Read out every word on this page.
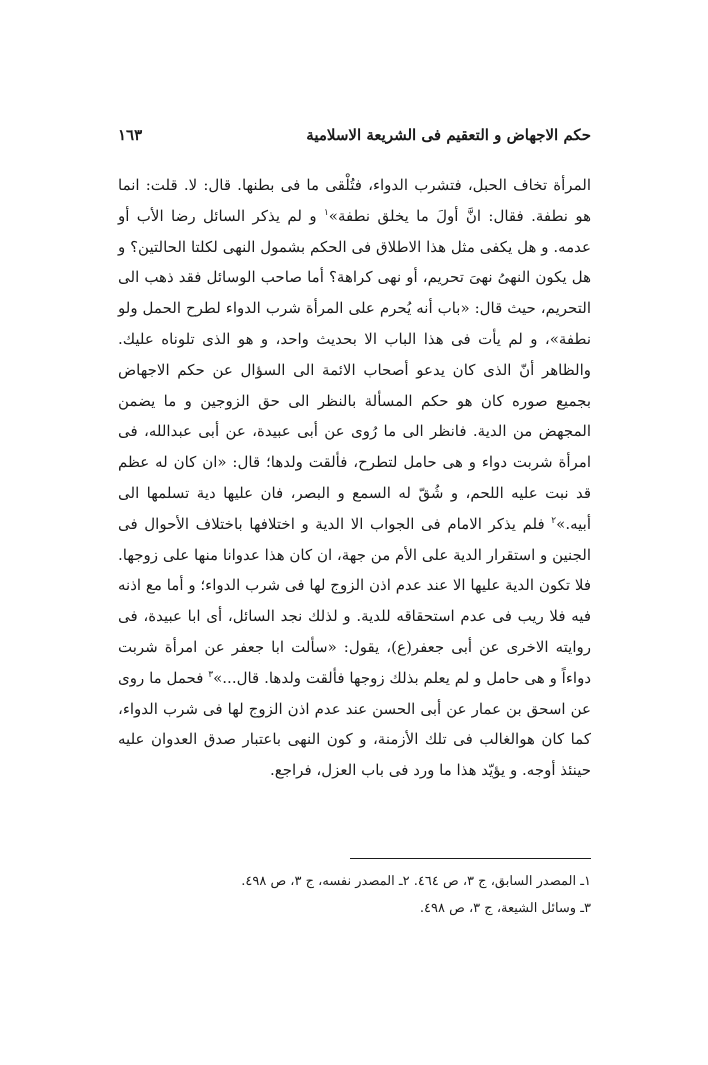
حكم الاجهاض و التعقيم فى الشريعة الاسلامية
١٦٣

المرأة تخاف الحبل، فتشرب الدواء، فتُلْقى ما فى بطنها. قال: لا. قلت: انما هو نطفة. فقال: انَّ أولَ ما يخلق نطفة»$^١$ و لم يذكر السائل رضا الأب أو عدمه. و هل يكفى مثل هذا الاطلاق فى الحكم بشمول النهى لكلتا الحالتين؟ و هل يكون النهىُ نهىَ تحريم، أو نهى كراهة؟ أما صاحب الوسائل فقد ذهب الى التحريم، حيث قال: «باب أنه يُحرم على المرأة شرب الدواء لطرح الحمل ولو نطفة»، و لم يأت فى هذا الباب الا بحديث واحد، و هو الذى تلوناه عليك. والظاهر أنّ الذى كان يدعو أصحاب الائمة الى السؤال عن حكم الاجهاض بجميع صوره كان هو حكم المسألة بالنظر الى حق الزوجين و ما يضمن المجهض من الدية. فانظر الى ما رُوى عن أبى عبيدة، عن أبى عبدالله، فى امرأة شربت دواء و هى حامل لتطرح، فألقت ولدها؛ قال: «ان كان له عظم قد نبت عليه اللحم، و شُقّ له السمع و البصر، فان عليها دية تسلمها الى أبيه.»$^٢$ فلم يذكر الامام فى الجواب الا الدية و اختلافها باختلاف الأحوال فى الجنين و استقرار الدية على الأم من جهة، ان كان هذا عدوانا منها على زوجها. فلا تكون الدية عليها الا عند عدم اذن الزوج لها فى شرب الدواء؛ و أما مع اذنه فيه فلا ريب فى عدم استحقاقه للدية. و لذلك نجد السائل، أى ابا عبيدة، فى روايته الاخرى عن أبى جعفر(ع)، يقول: «سألت ابا جعفر عن امرأة شربت دواءاً و هى حامل و لم يعلم بذلك زوجها فألقت ولدها. قال...»$^٣$ فحمل ما روى عن اسحق بن عمار عن أبى الحسن عند عدم اذن الزوج لها فى شرب الدواء، كما كان هوالغالب فى تلك الأزمنة، و كون النهى باعتبار صدق العدوان عليه حينئذ أوجه. و يؤيّد هذا ما ورد فى باب العزل، فراجع.

١ـ المصدر السابق، ج ٣، ص ٤٦٤. ٢ـ المصدر نفسه، ج ٣، ص ٤٩٨.

٣ـ وسائل الشيعة، ج ٣، ص ٤٩٨.
